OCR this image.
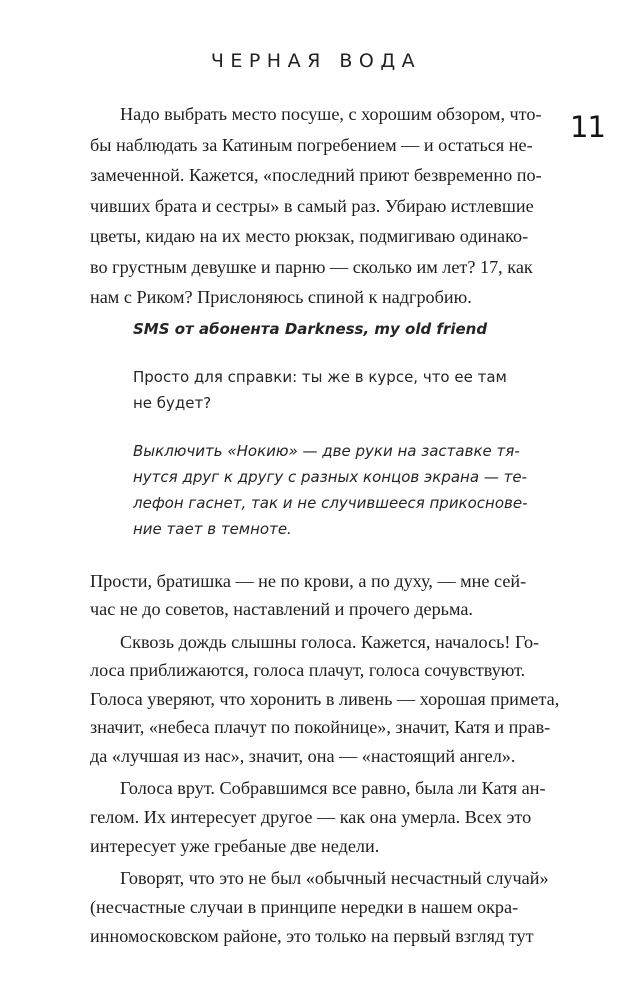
ЧЕРНАЯ ВОДА
11
Надо выбрать место посуше, с хорошим обзором, что-
бы наблюдать за Катиным погребением — и остаться не-
замеченной. Кажется, «последний приют безвременно по-
чивших брата и сестры» в самый раз. Убираю истлевшие
цветы, кидаю на их место рюкзак, подмигиваю одинако-
во грустным девушке и парню — сколько им лет? 17, как
нам с Риком? Прислоняюсь спиной к надгробию.
SMS от абонента Darkness, my old friend
Просто для справки: ты же в курсе, что ее там
не будет?
Выключить «Нокию» — две руки на заставке тя-
нутся друг к другу с разных концов экрана — те-
лефон гаснет, так и не случившееся прикоснове-
ние тает в темноте.
Прости, братишка — не по крови, а по духу, — мне сей-
час не до советов, наставлений и прочего дерьма.
Сквозь дождь слышны голоса. Кажется, началось! Го-
лоса приближаются, голоса плачут, голоса сочувствуют.
Голоса уверяют, что хоронить в ливень — хорошая примета,
значит, «небеса плачут по покойнице», значит, Катя и прав-
да «лучшая из нас», значит, она — «настоящий ангел».
Голоса врут. Собравшимся все равно, была ли Катя ан-
гелом. Их интересует другое — как она умерла. Всех это
интересует уже гребаные две недели.
Говорят, что это не был «обычный несчастный случай»
(несчастные случаи в принципе нередки в нашем окра-
инномосковском районе, это только на первый взгляд тут
